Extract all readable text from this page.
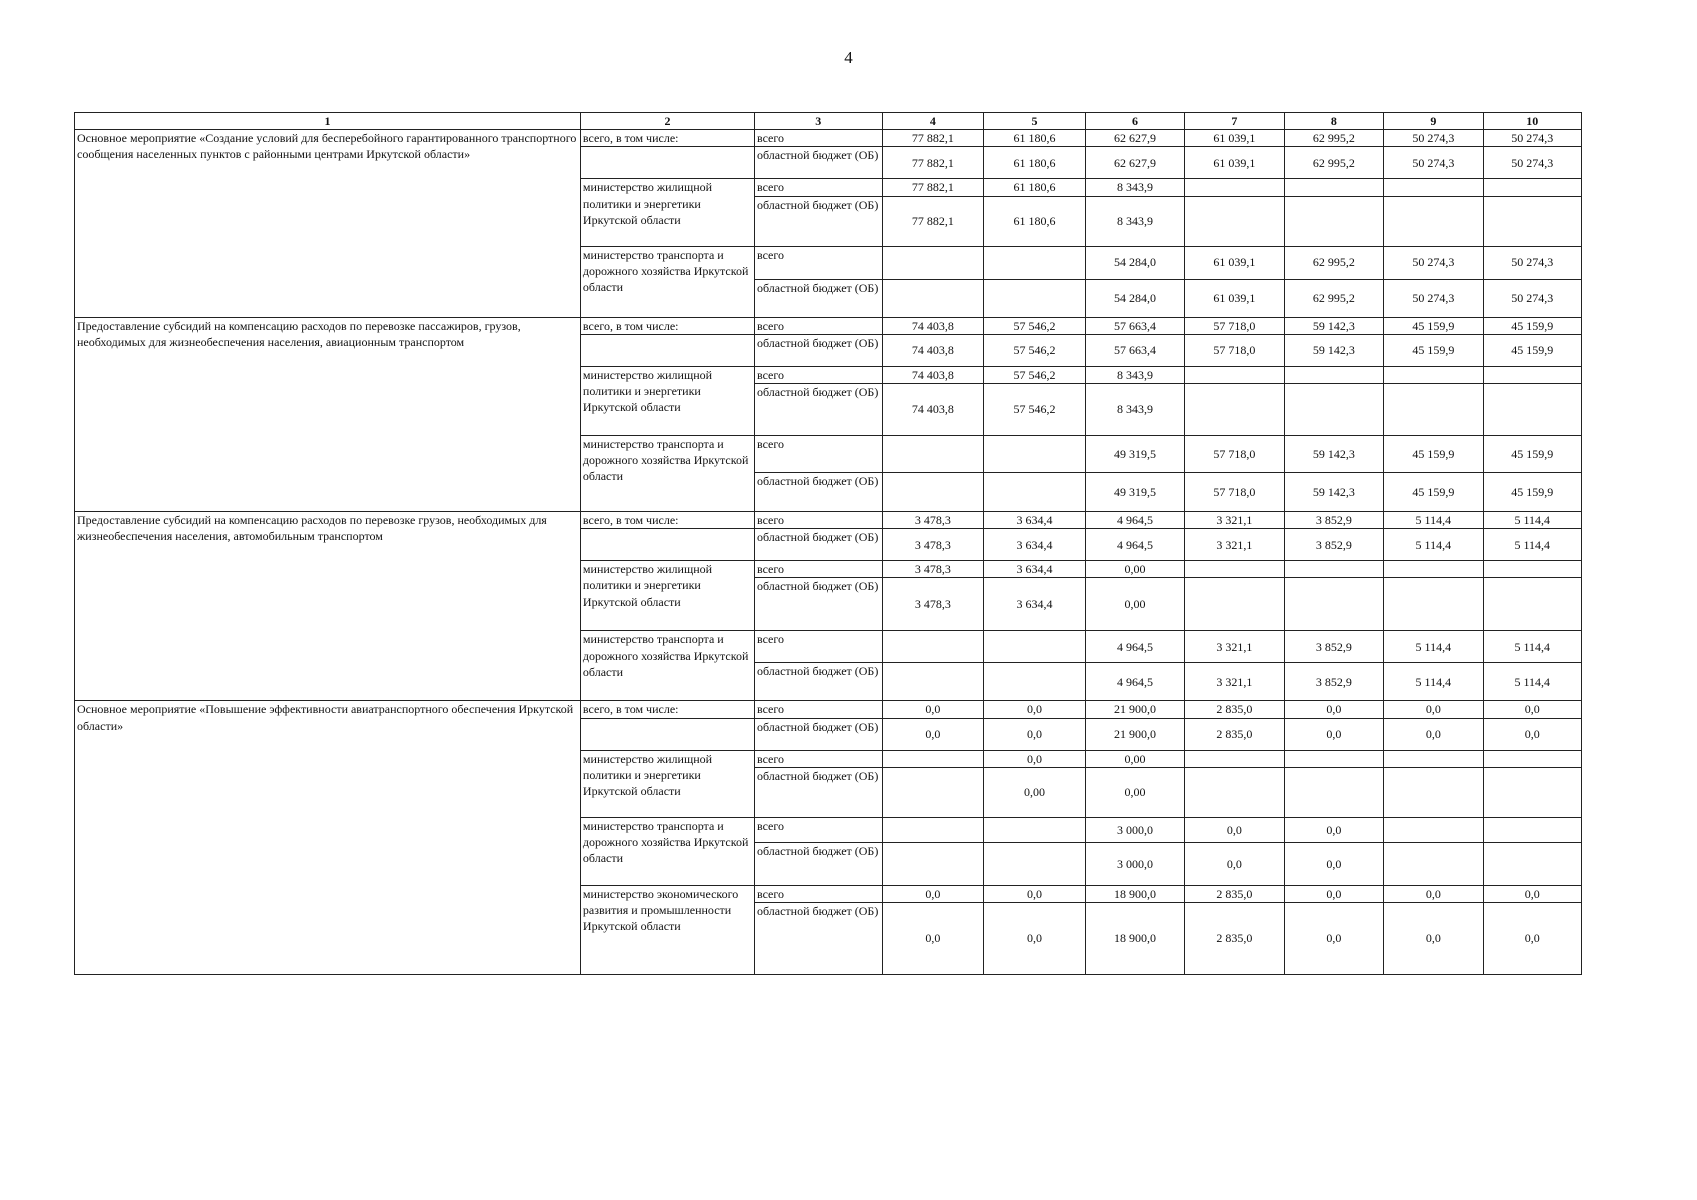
4
1	2	3	4	5	6	7	8	9	10
Основное мероприятие «Создание условий для бесперебойного гарантированного транспортного сообщения населенных пунктов с районными центрами Иркутской области»	всего, в том числе:	всего	77 882,1	61 180,6	62 627,9	61 039,1	62 995,2	50 274,3	50 274,3
		областной бюджет (ОБ)	77 882,1	61 180,6	62 627,9	61 039,1	62 995,2	50 274,3	50 274,3
	министерство жилищной политики и энергетики Иркутской области	всего	77 882,1	61 180,6	8 343,9				
		областной бюджет (ОБ)	77 882,1	61 180,6	8 343,9				
	министерство транспорта и дорожного хозяйства Иркутской области	всего			54 284,0	61 039,1	62 995,2	50 274,3	50 274,3
		областной бюджет (ОБ)			54 284,0	61 039,1	62 995,2	50 274,3	50 274,3
Предоставление субсидий на компенсацию расходов по перевозке пассажиров, грузов, необходимых для жизнеобеспечения населения, авиационным транспортом	всего, в том числе:	всего	74 403,8	57 546,2	57 663,4	57 718,0	59 142,3	45 159,9	45 159,9
		областной бюджет (ОБ)	74 403,8	57 546,2	57 663,4	57 718,0	59 142,3	45 159,9	45 159,9
	министерство жилищной политики и энергетики Иркутской области	всего	74 403,8	57 546,2	8 343,9				
		областной бюджет (ОБ)	74 403,8	57 546,2	8 343,9				
	министерство транспорта и дорожного хозяйства Иркутской области	всего			49 319,5	57 718,0	59 142,3	45 159,9	45 159,9
		областной бюджет (ОБ)			49 319,5	57 718,0	59 142,3	45 159,9	45 159,9
Предоставление субсидий на компенсацию расходов по перевозке грузов, необходимых для жизнеобеспечения населения, автомобильным транспортом	всего, в том числе:	всего	3 478,3	3 634,4	4 964,5	3 321,1	3 852,9	5 114,4	5 114,4
		областной бюджет (ОБ)	3 478,3	3 634,4	4 964,5	3 321,1	3 852,9	5 114,4	5 114,4
	министерство жилищной политики и энергетики Иркутской области	всего	3 478,3	3 634,4	0,00				
		областной бюджет (ОБ)	3 478,3	3 634,4	0,00				
	министерство транспорта и дорожного хозяйства Иркутской области	всего			4 964,5	3 321,1	3 852,9	5 114,4	5 114,4
		областной бюджет (ОБ)			4 964,5	3 321,1	3 852,9	5 114,4	5 114,4
Основное мероприятие «Повышение эффективности авиатранспортного обеспечения Иркутской области»	всего, в том числе:	всего	0,0	0,0	21 900,0	2 835,0	0,0	0,0	0,0
		областной бюджет (ОБ)	0,0	0,0	21 900,0	2 835,0	0,0	0,0	0,0
	министерство жилищной политики и энергетики Иркутской области	всего		0,0	0,00				
		областной бюджет (ОБ)		0,00	0,00				
	министерство транспорта и дорожного хозяйства Иркутской области	всего			3 000,0	0,0	0,0		
		областной бюджет (ОБ)			3 000,0	0,0	0,0		
	министерство экономического развития и промышленности Иркутской области	всего	0,0	0,0	18 900,0	2 835,0	0,0	0,0	0,0
		областной бюджет (ОБ)	0,0	0,0	18 900,0	2 835,0	0,0	0,0	0,0
